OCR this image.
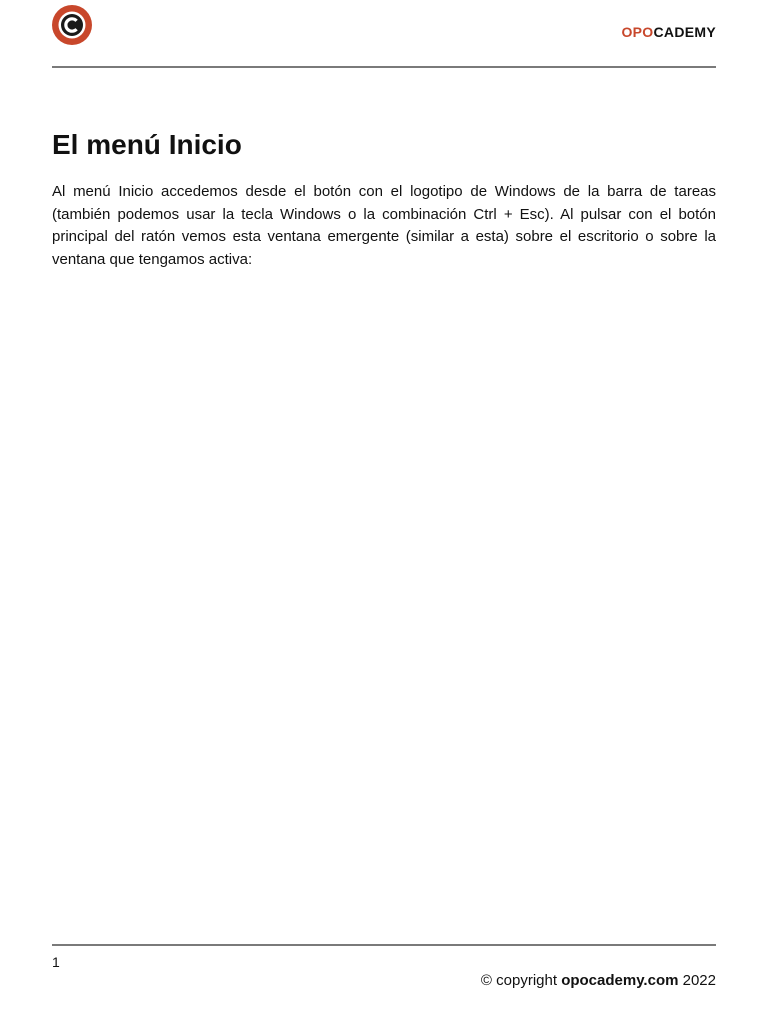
OPOCADEMY
El menú Inicio

Al menú Inicio accedemos desde el botón con el logotipo de Windows de la barra de tareas (también podemos usar la tecla Windows o la combinación Ctrl + Esc). Al pulsar con el botón principal del ratón vemos esta ventana emergente (similar a esta) sobre el escritorio o sobre la ventana que tengamos activa:

1
© copyright opocademy.com 2022
